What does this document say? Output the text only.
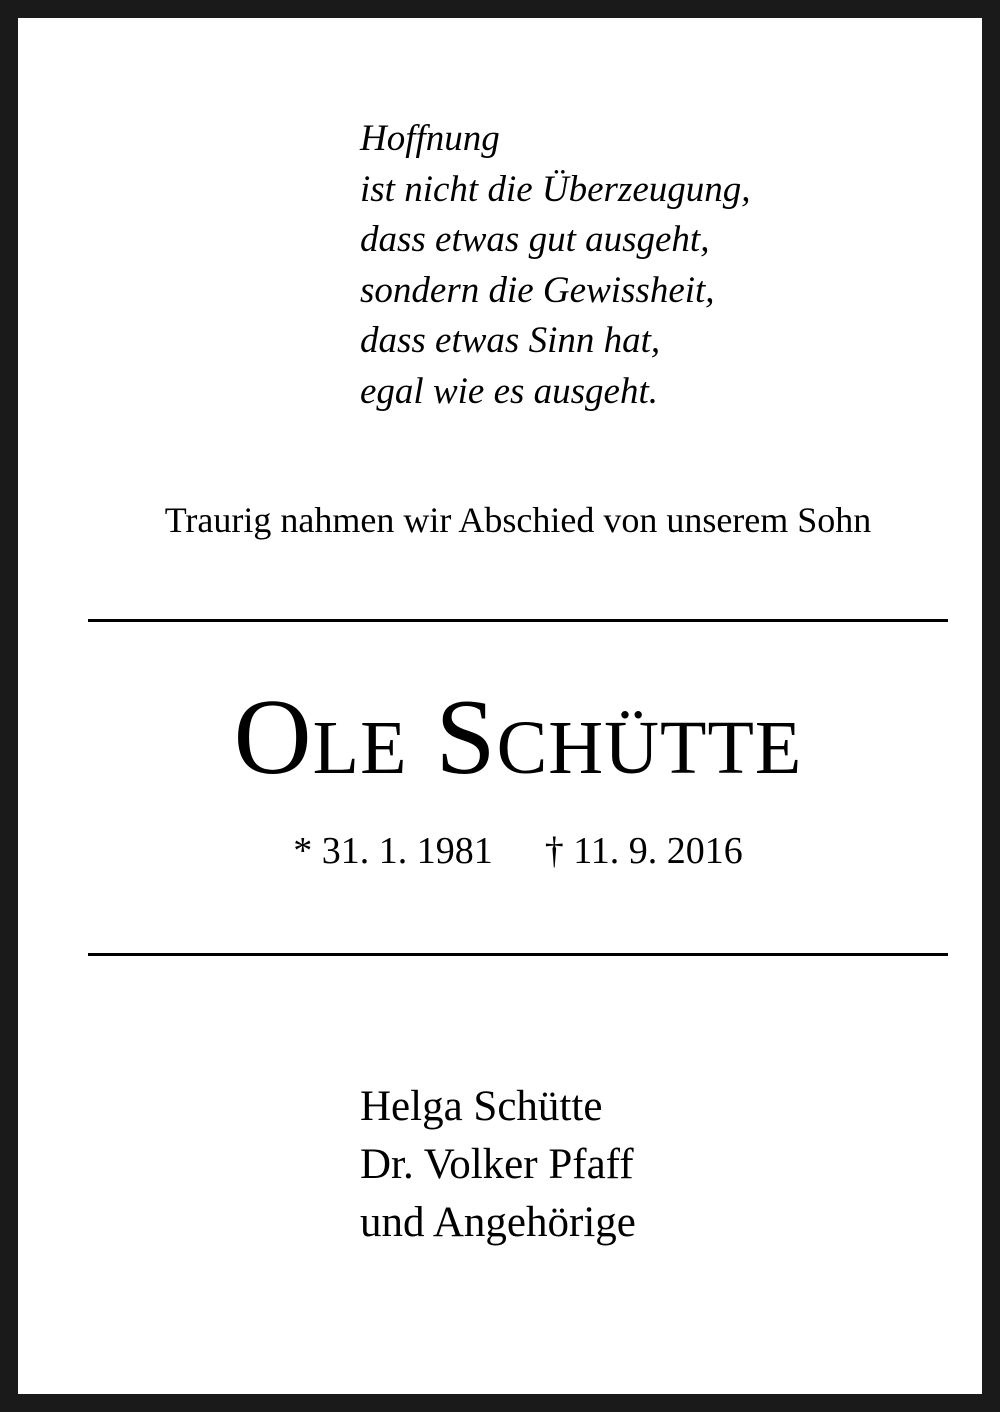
Hoffnung
ist nicht die Überzeugung,
dass etwas gut ausgeht,
sondern die Gewissheit,
dass etwas Sinn hat,
egal wie es ausgeht.
Traurig nahmen wir Abschied von unserem Sohn
Ole Schütte
* 31. 1. 1981 † 11. 9. 2016
Helga Schütte
Dr. Volker Pfaff
und Angehörige
